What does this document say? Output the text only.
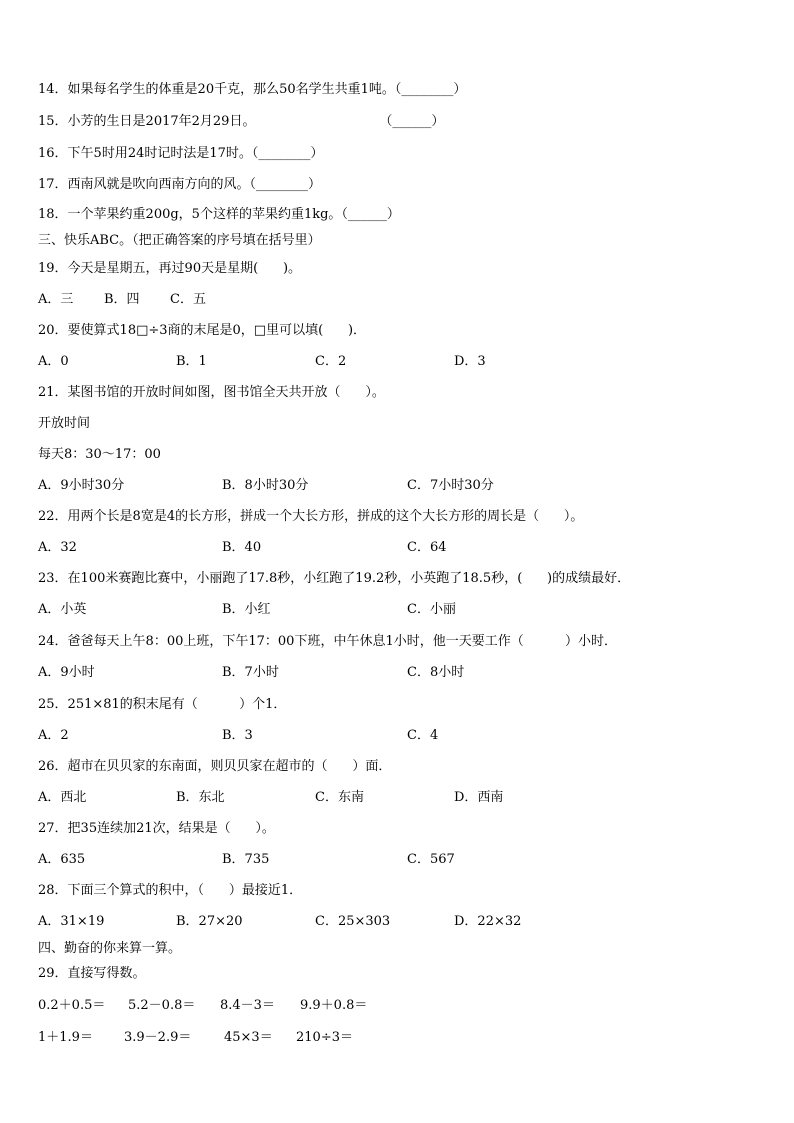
14．如果每名学生的体重是20千克，那么50名学生共重1吨。（________）
15．小芳的生日是2017年2月29日。                              （______）
16．下午5时用24时记时法是17时。（________）
17．西南风就是吹向西南方向的风。（________）
18．一个苹果约重200g，5个这样的苹果约重1kg。（______）
三、快乐ABC。（把正确答案的序号填在括号里）
19．今天是星期五，再过90天是星期(      )。
A．三 B．四 C．五
20．要使算式18□÷3商的末尾是0，□里可以填(      )．
A．0	B．1	C．2	D．3
21．某图书馆的开放时间如图，图书馆全天共开放（      ）。
开放时间
每天8：30～17：00
A．9小时30分	B．8小时30分	C．7小时30分
22．用两个长是8宽是4的长方形，拼成一个大长方形，拼成的这个大长方形的周长是（      ）。
A．32	B．40	C．64
23．在100米赛跑比赛中，小丽跑了17.8秒，小红跑了19.2秒，小英跑了18.5秒，(      )的成绩最好．
A．小英	B．小红	C．小丽
24．爸爸每天上午8：00上班，下午17：00下班，中午休息1小时，他一天要工作（          ）小时．
A．9小时	B．7小时	C．8小时
25．251×81的积末尾有（          ）个1．
A．2	B．3	C．4
26．超市在贝贝家的东南面，则贝贝家在超市的（      ）面．
A．西北	B．东北	C．东南	D．西南
27．把35连续加21次，结果是（      ）。
A．635	B．735	C．567
28．下面三个算式的积中，（      ）最接近1．
A．31×19	B．27×20	C．25×303	D．22×32
四、勤奋的你来算一算。
29．直接写得数。
0.2＋0.5＝ 5.2－0.8＝ 8.4－3＝ 9.9＋0.8＝
1＋1.9＝ 3.9－2.9＝	45×3＝ 210÷3＝
